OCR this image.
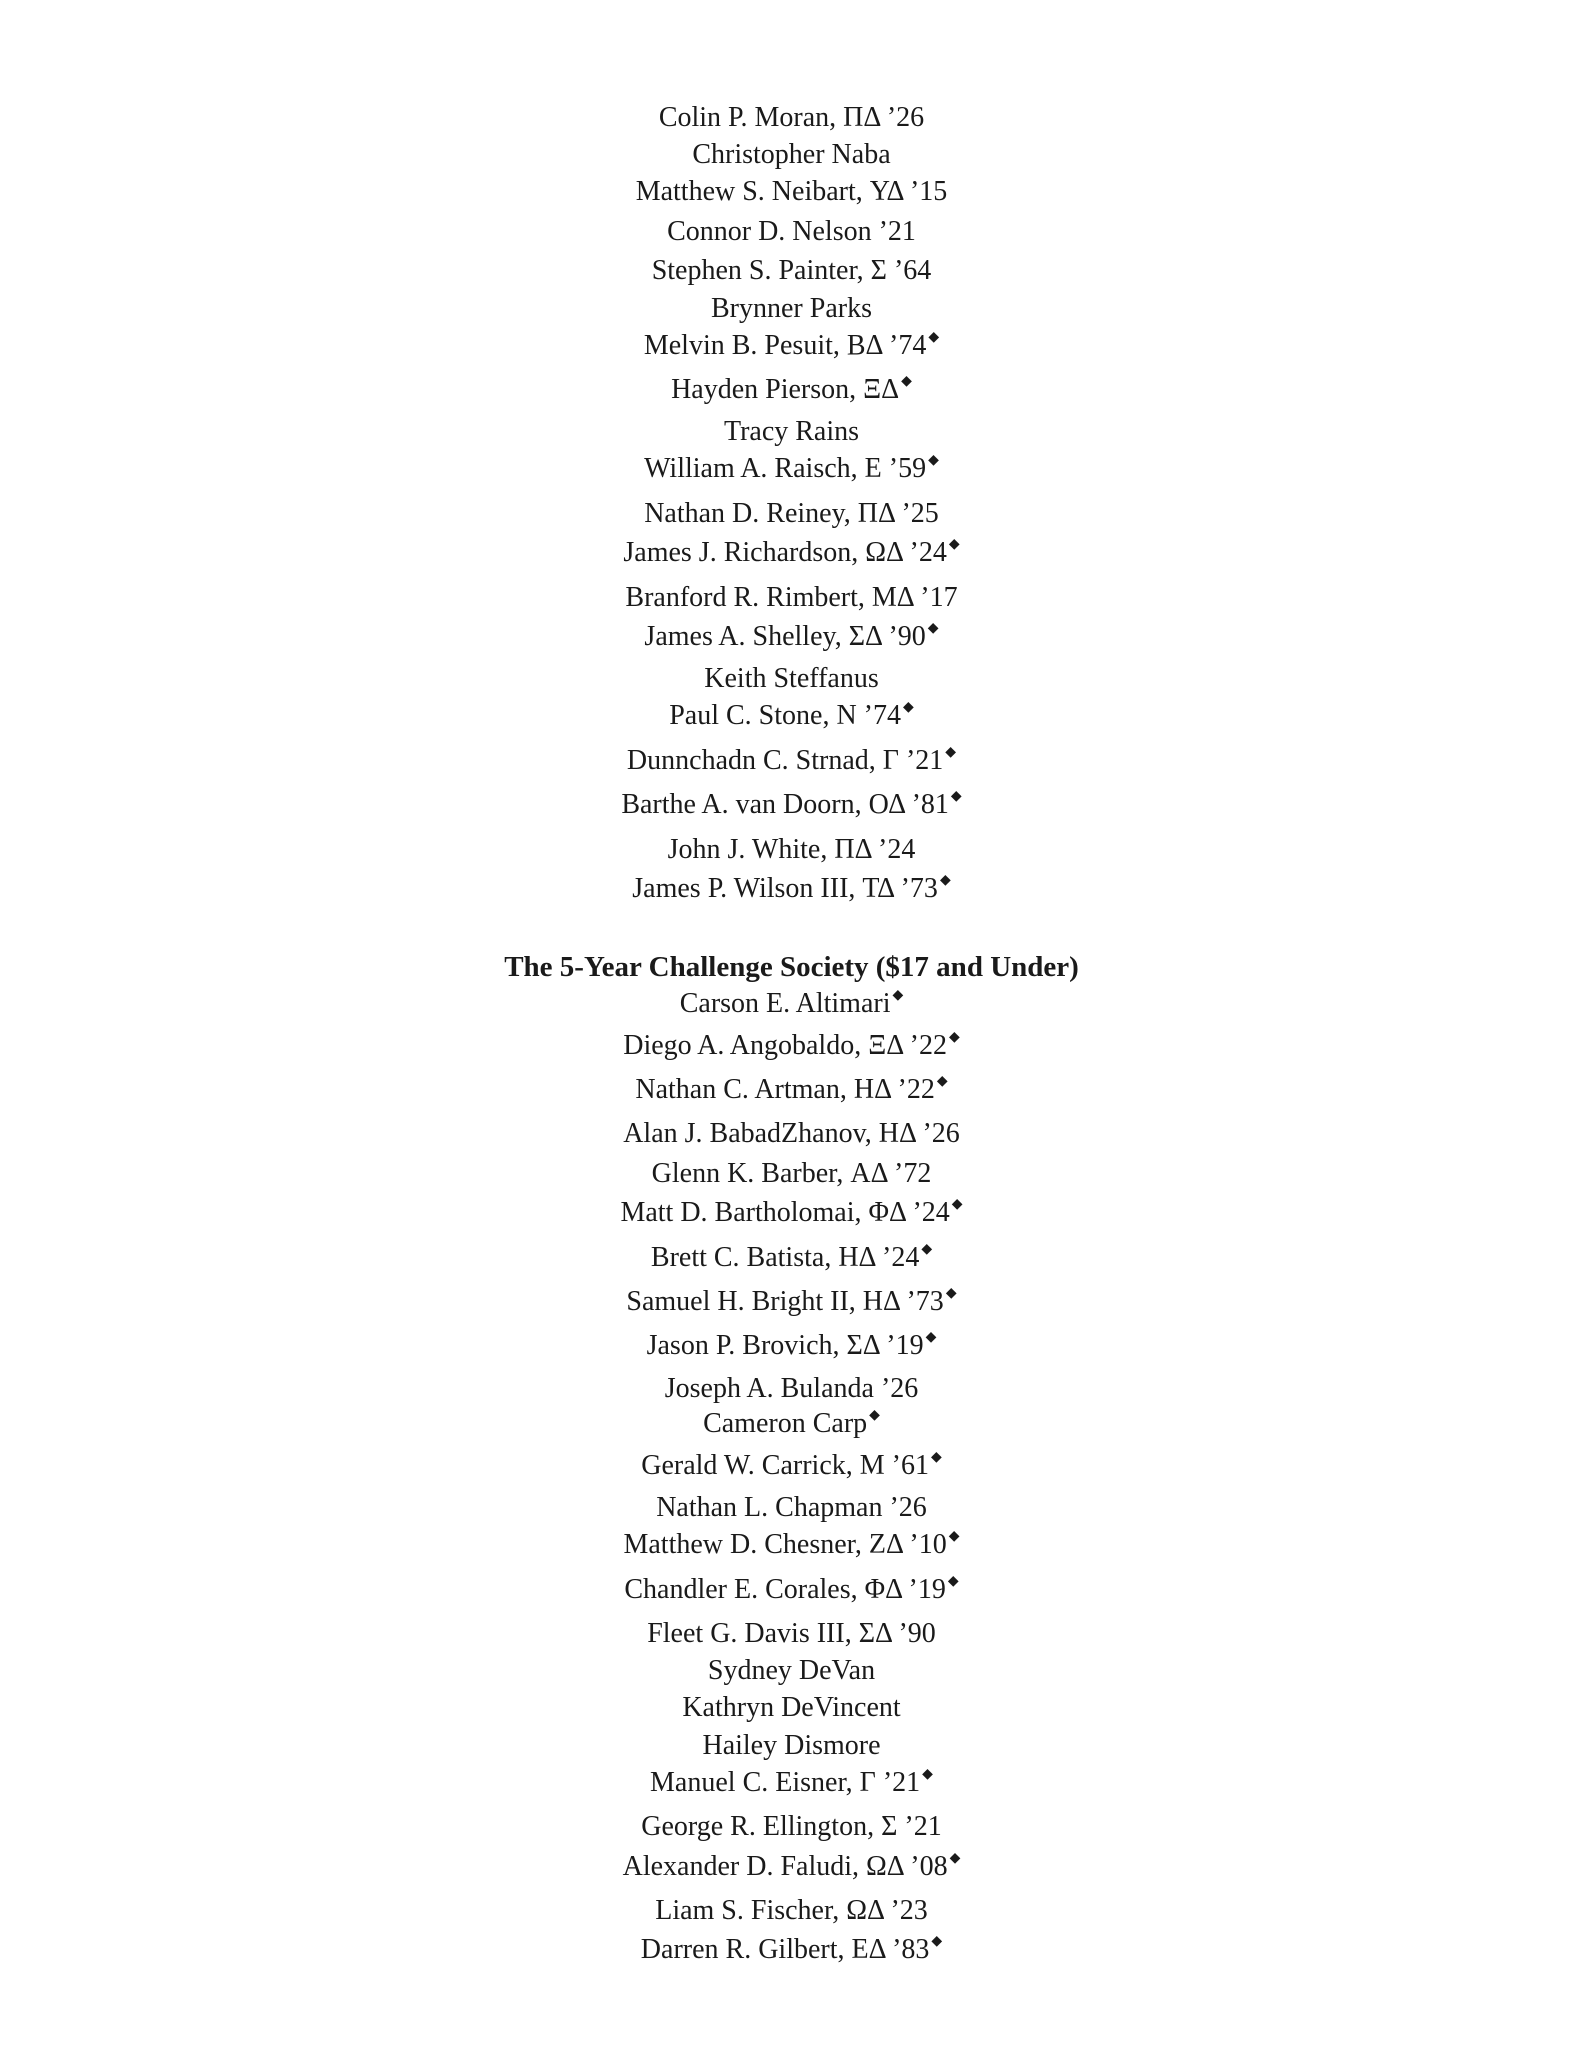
Colin P. Moran, ΠΔ ’26
Christopher Naba
Matthew S. Neibart, ΥΔ ’15
Connor D. Nelson ’21
Stephen S. Painter, Σ ’64
Brynner Parks
Melvin B. Pesuit, ΒΔ ’74 ◆
Hayden Pierson, ΞΔ ◆
Tracy Rains
William A. Raisch, Ε ’59 ◆
Nathan D. Reiney, ΠΔ ’25
James J. Richardson, ΩΔ ’24 ◆
Branford R. Rimbert, ΜΔ ’17
James A. Shelley, ΣΔ ’90 ◆
Keith Steffanus
Paul C. Stone, Ν ’74 ◆
Dunnchadn C. Strnad, Γ ’21 ◆
Barthe A. van Doorn, ΟΔ ’81 ◆
John J. White, ΠΔ ’24
James P. Wilson III, ΤΔ ’73 ◆
The 5-Year Challenge Society ($17 and Under)
Carson E. Altimari ◆
Diego A. Angobaldo, ΞΔ ’22 ◆
Nathan C. Artman, ΗΔ ’22 ◆
Alan J. BabadZhanov, ΗΔ ’26
Glenn K. Barber, ΑΔ ’72
Matt D. Bartholomai, ΦΔ ’24 ◆
Brett C. Batista, ΗΔ ’24 ◆
Samuel H. Bright II, ΗΔ ’73 ◆
Jason P. Brovich, ΣΔ ’19 ◆
Joseph A. Bulanda ’26
Cameron Carp ◆
Gerald W. Carrick, Μ ’61 ◆
Nathan L. Chapman ’26
Matthew D. Chesner, ΖΔ ’10 ◆
Chandler E. Corales, ΦΔ ’19 ◆
Fleet G. Davis III, ΣΔ ’90
Sydney DeVan
Kathryn DeVincent
Hailey Dismore
Manuel C. Eisner, Γ ’21 ◆
George R. Ellington, Σ ’21
Alexander D. Faludi, ΩΔ ’08 ◆
Liam S. Fischer, ΩΔ ’23
Darren R. Gilbert, ΕΔ ’83 ◆
